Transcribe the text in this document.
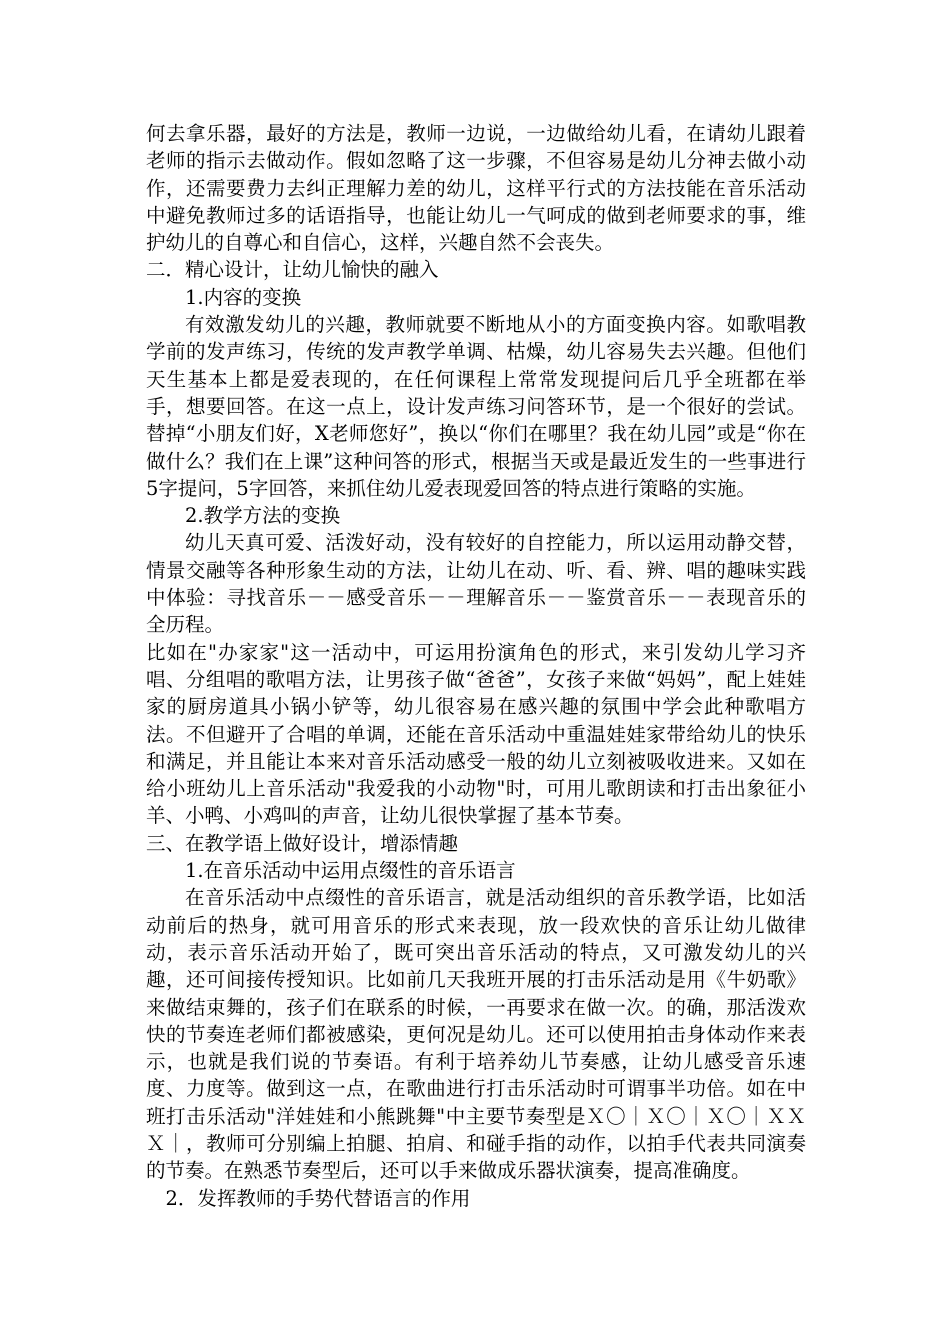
何去拿乐器，最好的方法是，教师一边说，一边做给幼儿看，在请幼儿跟着老师的指示去做动作。假如忽略了这一步骤，不但容易是幼儿分神去做小动作，还需要费力去纠正理解力差的幼儿，这样平行式的方法技能在音乐活动中避免教师过多的话语指导，也能让幼儿一气呵成的做到老师要求的事，维护幼儿的自尊心和自信心，这样，兴趣自然不会丧失。

二．精心设计，让幼儿愉快的融入

1.内容的变换

有效激发幼儿的兴趣，教师就要不断地从小的方面变换内容。如歌唱教学前的发声练习，传统的发声教学单调、枯燥，幼儿容易失去兴趣。但他们天生基本上都是爱表现的，在任何课程上常常发现提问后几乎全班都在举手，想要回答。在这一点上，设计发声练习问答环节，是一个很好的尝试。替掉“小朋友们好，X老师您好”，换以“你们在哪里？我在幼儿园”或是“你在做什么？我们在上课”这种问答的形式，根据当天或是最近发生的一些事进行5字提问，5字回答，来抓住幼儿爱表现爱回答的特点进行策略的实施。

2.教学方法的变换

幼儿天真可爱、活泼好动，没有较好的自控能力，所以运用动静交替，情景交融等各种形象生动的方法，让幼儿在动、听、看、辨、唱的趣味实践中体验：寻找音乐－－感受音乐－－理解音乐－－鉴赏音乐－－表现音乐的全历程。

比如在"办家家"这一活动中，可运用扮演角色的形式，来引发幼儿学习齐唱、分组唱的歌唱方法，让男孩子做“爸爸”，女孩子来做“妈妈”，配上娃娃家的厨房道具小锅小铲等，幼儿很容易在感兴趣的氛围中学会此种歌唱方法。不但避开了合唱的单调，还能在音乐活动中重温娃娃家带给幼儿的快乐和满足，并且能让本来对音乐活动感受一般的幼儿立刻被吸收进来。又如在给小班幼儿上音乐活动"我爱我的小动物"时，可用儿歌朗读和打击出象征小羊、小鸭、小鸡叫的声音，让幼儿很快掌握了基本节奏。

三、在教学语上做好设计，增添情趣

1.在音乐活动中运用点缀性的音乐语言

在音乐活动中点缀性的音乐语言，就是活动组织的音乐教学语，比如活动前后的热身，就可用音乐的形式来表现，放一段欢快的音乐让幼儿做律动，表示音乐活动开始了，既可突出音乐活动的特点，又可激发幼儿的兴趣，还可间接传授知识。比如前几天我班开展的打击乐活动是用《牛奶歌》来做结束舞的，孩子们在联系的时候，一再要求在做一次。的确，那活泼欢快的节奏连老师们都被感染，更何况是幼儿。还可以使用拍击身体动作来表示，也就是我们说的节奏语。有利于培养幼儿节奏感，让幼儿感受音乐速度、力度等。做到这一点，在歌曲进行打击乐活动时可谓事半功倍。如在中班打击乐活动"洋娃娃和小熊跳舞"中主要节奏型是Ｘ〇｜Ｘ〇｜Ｘ〇｜ＸＸＸ｜，教师可分别编上拍腿、拍肩、和碰手指的动作，以拍手代表共同演奏的节奏。在熟悉节奏型后，还可以手来做成乐器状演奏，提高准确度。

2．发挥教师的手势代替语言的作用
